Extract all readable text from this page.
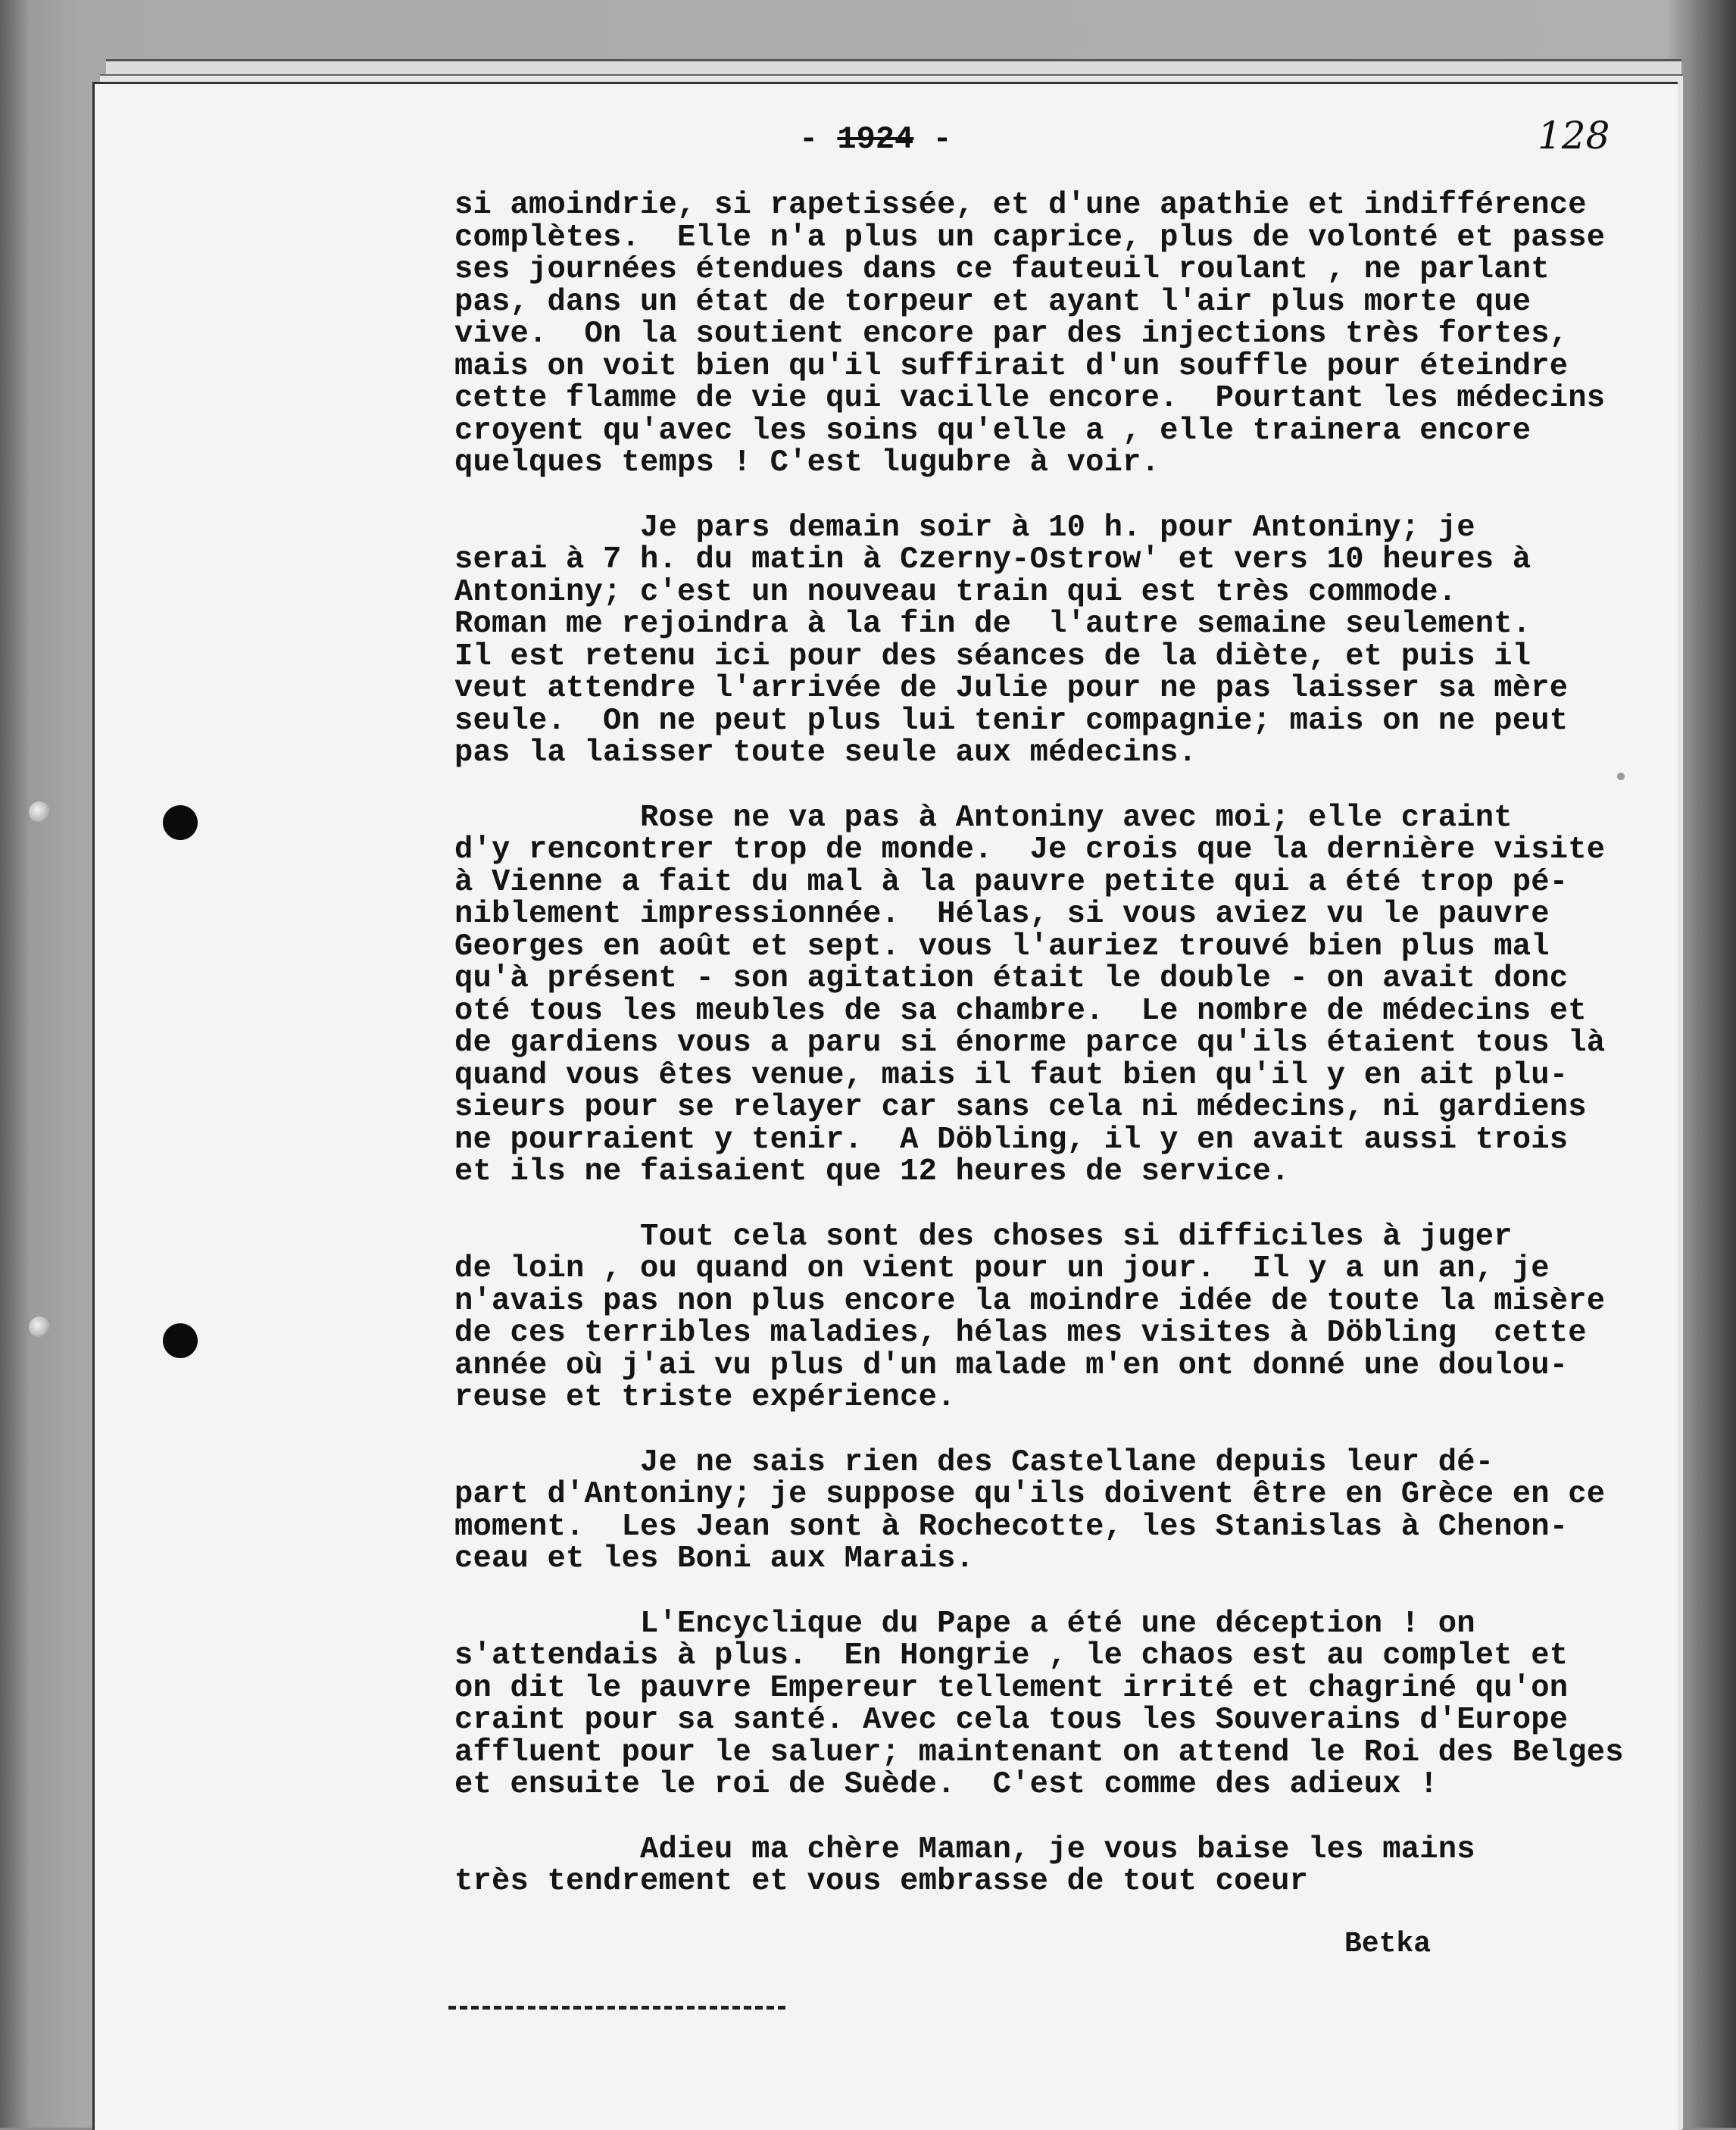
- 1924 -	128
si amoindrie, si rapetissée, et d'une apathie et indifférence
complètes.  Elle n'a plus un caprice, plus de volonté et passe
ses journées étendues dans ce fauteuil roulant , ne parlant
pas, dans un état de torpeur et ayant l'air plus morte que
vive.  On la soutient encore par des injections très fortes,
mais on voit bien qu'il suffirait d'un souffle pour éteindre
cette flamme de vie qui vacille encore.  Pourtant les médecins
croyent qu'avec les soins qu'elle a , elle trainera encore
quelques temps ! C'est lugubre à voir.
Je pars demain soir à 10 h. pour Antoniny; je
serai à 7 h. du matin à Czerny-Ostrow' et vers 10 heures à
Antoniny; c'est un nouveau train qui est très commode.
Roman me rejoindra à la fin de  l'autre semaine seulement.
Il est retenu ici pour des séances de la diète, et puis il
veut attendre l'arrivée de Julie pour ne pas laisser sa mère
seule.  On ne peut plus lui tenir compagnie; mais on ne peut
pas la laisser toute seule aux médecins.
Rose ne va pas à Antoniny avec moi; elle craint
d'y rencontrer trop de monde.  Je crois que la dernière visite
à Vienne a fait du mal à la pauvre petite qui a été trop pé-
niblement impressionnée.  Hélas, si vous aviez vu le pauvre
Georges en août et sept. vous l'auriez trouvé bien plus mal
qu'à présent - son agitation était le double - on avait donc
oté tous les meubles de sa chambre.  Le nombre de médecins et
de gardiens vous a paru si énorme parce qu'ils étaient tous là
quand vous êtes venue, mais il faut bien qu'il y en ait plu-
sieurs pour se relayer car sans cela ni médecins, ni gardiens
ne pourraient y tenir.  A Döbling, il y en avait aussi trois
et ils ne faisaient que 12 heures de service.
Tout cela sont des choses si difficiles à juger
de loin , ou quand on vient pour un jour.  Il y a un an, je
n'avais pas non plus encore la moindre idée de toute la misère
de ces terribles maladies, hélas mes visites à Döbling  cette
année où j'ai vu plus d'un malade m'en ont donné une doulou-
reuse et triste expérience.
Je ne sais rien des Castellane depuis leur dé-
part d'Antoniny; je suppose qu'ils doivent être en Grèce en ce
moment.  Les Jean sont à Rochecotte, les Stanislas à Chenon-
ceau et les Boni aux Marais.
L'Encyclique du Pape a été une déception ! on
s'attendais à plus.  En Hongrie , le chaos est au complet et
on dit le pauvre Empereur tellement irrité et chagriné qu'on
craint pour sa santé. Avec cela tous les Souverains d'Europe
affluent pour le saluer; maintenant on attend le Roi des Belges
et ensuite le roi de Suède.  C'est comme des adieux !
Adieu ma chère Maman, je vous baise les mains
très tendrement et vous embrasse de tout coeur
Betka
